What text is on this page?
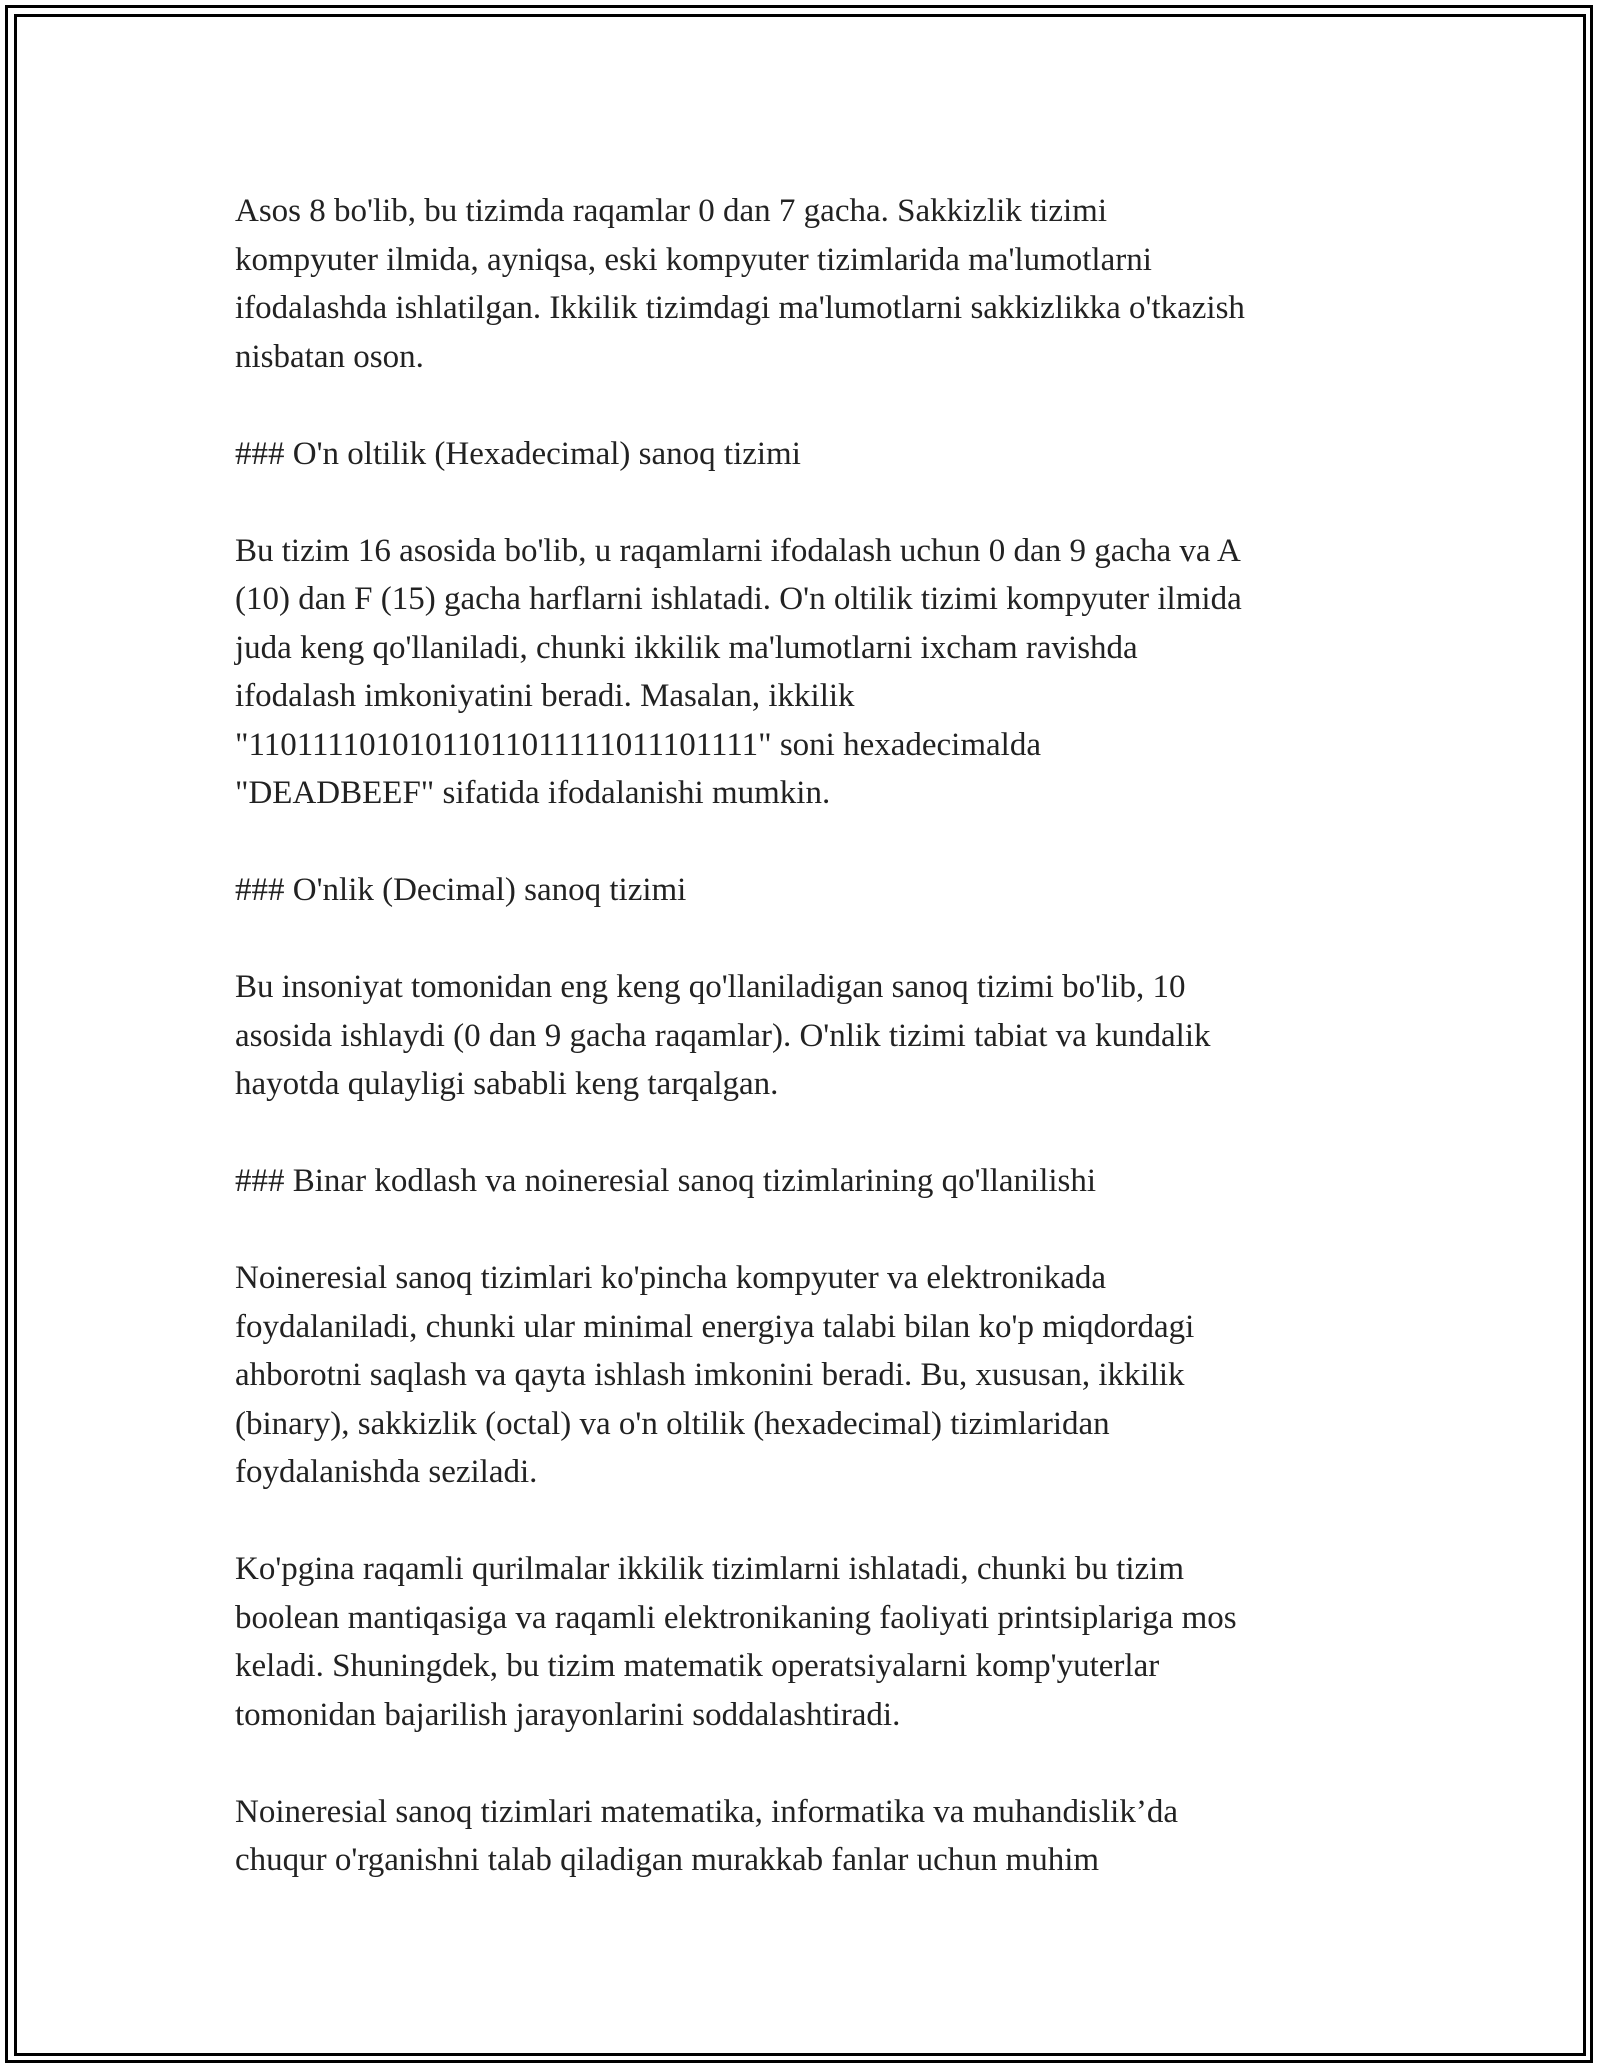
Asos 8 bo'lib, bu tizimda raqamlar 0 dan 7 gacha. Sakkizlik tizimi
kompyuter ilmida, ayniqsa, eski kompyuter tizimlarida ma'lumotlarni
ifodalashda ishlatilgan. Ikkilik tizimdagi ma'lumotlarni sakkizlikka o'tkazish
nisbatan oson.
### O'n oltilik (Hexadecimal) sanoq tizimi
Bu tizim 16 asosida bo'lib, u raqamlarni ifodalash uchun 0 dan 9 gacha va A
(10) dan F (15) gacha harflarni ishlatadi. O'n oltilik tizimi kompyuter ilmida
juda keng qo'llaniladi, chunki ikkilik ma'lumotlarni ixcham ravishda
ifodalash imkoniyatini beradi. Masalan, ikkilik
"11011110101011011011111011101111" soni hexadecimalda
"DEADBEEF" sifatida ifodalanishi mumkin.
### O'nlik (Decimal) sanoq tizimi
Bu insoniyat tomonidan eng keng qo'llaniladigan sanoq tizimi bo'lib, 10
asosida ishlaydi (0 dan 9 gacha raqamlar). O'nlik tizimi tabiat va kundalik
hayotda qulayligi sababli keng tarqalgan.
### Binar kodlash va noineresial sanoq tizimlarining qo'llanilishi
Noineresial sanoq tizimlari ko'pincha kompyuter va elektronikada
foydalaniladi, chunki ular minimal energiya talabi bilan ko'p miqdordagi
ahborotni saqlash va qayta ishlash imkonini beradi. Bu, xususan, ikkilik
(binary), sakkizlik (octal) va o'n oltilik (hexadecimal) tizimlaridan
foydalanishda seziladi.
Ko'pgina raqamli qurilmalar ikkilik tizimlarni ishlatadi, chunki bu tizim
boolean mantiqasiga va raqamli elektronikaning faoliyati printsiplariga mos
keladi. Shuningdek, bu tizim matematik operatsiyalarni komp'yuterlar
tomonidan bajarilish jarayonlarini soddalashtiradi.
Noineresial sanoq tizimlari matematika, informatika va muhandislik’da
chuqur o'rganishni talab qiladigan murakkab fanlar uchun muhim
